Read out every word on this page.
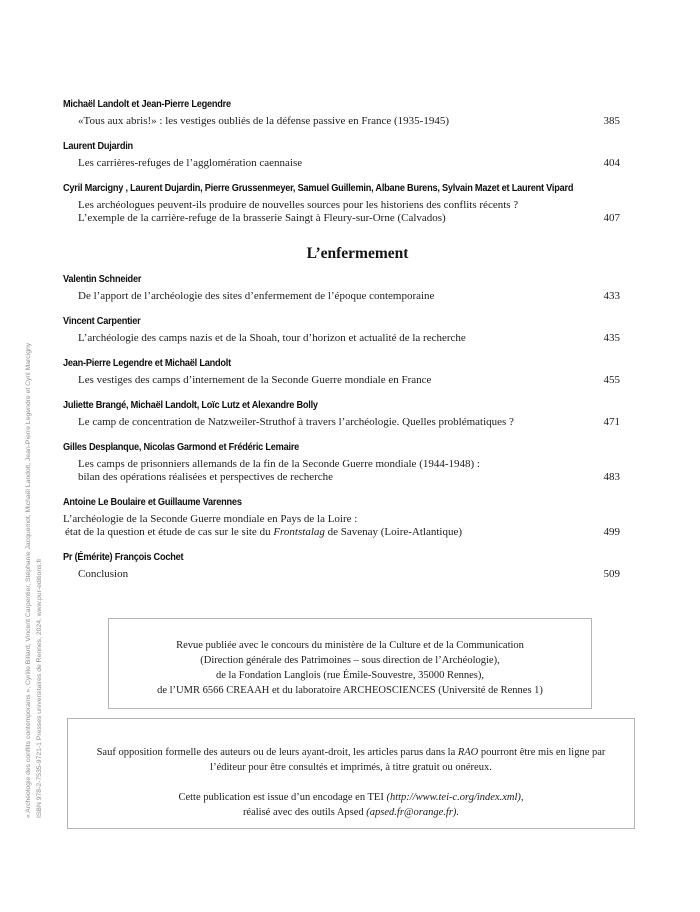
« Archéologie des conflits contemporains », Cyrille Billard, Vincent Carpentier, Stéphanie Jacquemot, Michaël Landolt, Jean-Pierre Legendre et Cyril Marcigny ISBN 978-2-7535-9721-1 Presses universitaires de Rennes, 2024, www.pur-editions.fr
Michaël Landolt et Jean-Pierre Legendre
«Tous aux abris!» : les vestiges oubliés de la défense passive en France (1935-1945)	385
Laurent Dujardin
Les carrières-refuges de l’agglomération caennaise	404
Cyril Marcigny , Laurent Dujardin, Pierre Grussenmeyer, Samuel Guillemin, Albane Burens, Sylvain Mazet et Laurent Vipard
Les archéologues peuvent-ils produire de nouvelles sources pour les historiens des conflits récents ?
L’exemple de la carrière-refuge de la brasserie Saingt à Fleury-sur-Orne (Calvados)	407
L’enfermement
Valentin Schneider
De l’apport de l’archéologie des sites d’enfermement de l’époque contemporaine	433
Vincent Carpentier
L’archéologie des camps nazis et de la Shoah, tour d’horizon et actualité de la recherche	435
Jean-Pierre Legendre et Michaël Landolt
Les vestiges des camps d’internement de la Seconde Guerre mondiale en France	455
Juliette Brangé, Michaël Landolt, Loïc Lutz et Alexandre Bolly
Le camp de concentration de Natzweiler-Struthof à travers l’archéologie. Quelles problématiques ?	471
Gilles Desplanque, Nicolas Garmond et Frédéric Lemaire
Les camps de prisonniers allemands de la fin de la Seconde Guerre mondiale (1944-1948) :
bilan des opérations réalisées et perspectives de recherche	483
Antoine Le Boulaire et Guillaume Varennes
L’archéologie de la Seconde Guerre mondiale en Pays de la Loire :
état de la question et étude de cas sur le site du Frontstalag de Savenay (Loire-Atlantique)	499
Pr (Émérite) François Cochet
Conclusion	509
Revue publiée avec le concours du ministère de la Culture et de la Communication
(Direction générale des Patrimoines – sous direction de l’Archéologie),
de la Fondation Langlois (rue Émile-Souvestre, 35000 Rennes),
de l’UMR 6566 CREAAH et du laboratoire ARCHEOSCIENCES (Université de Rennes 1)
Sauf opposition formelle des auteurs ou de leurs ayant-droit, les articles parus dans la RAO pourront être mis en ligne par l’éditeur pour être consultés et imprimés, à titre gratuit ou onéreux.
Cette publication est issue d’un encodage en TEI (http://www.tei-c.org/index.xml),
réalisé avec des outils Apsed (apsed.fr@orange.fr).
